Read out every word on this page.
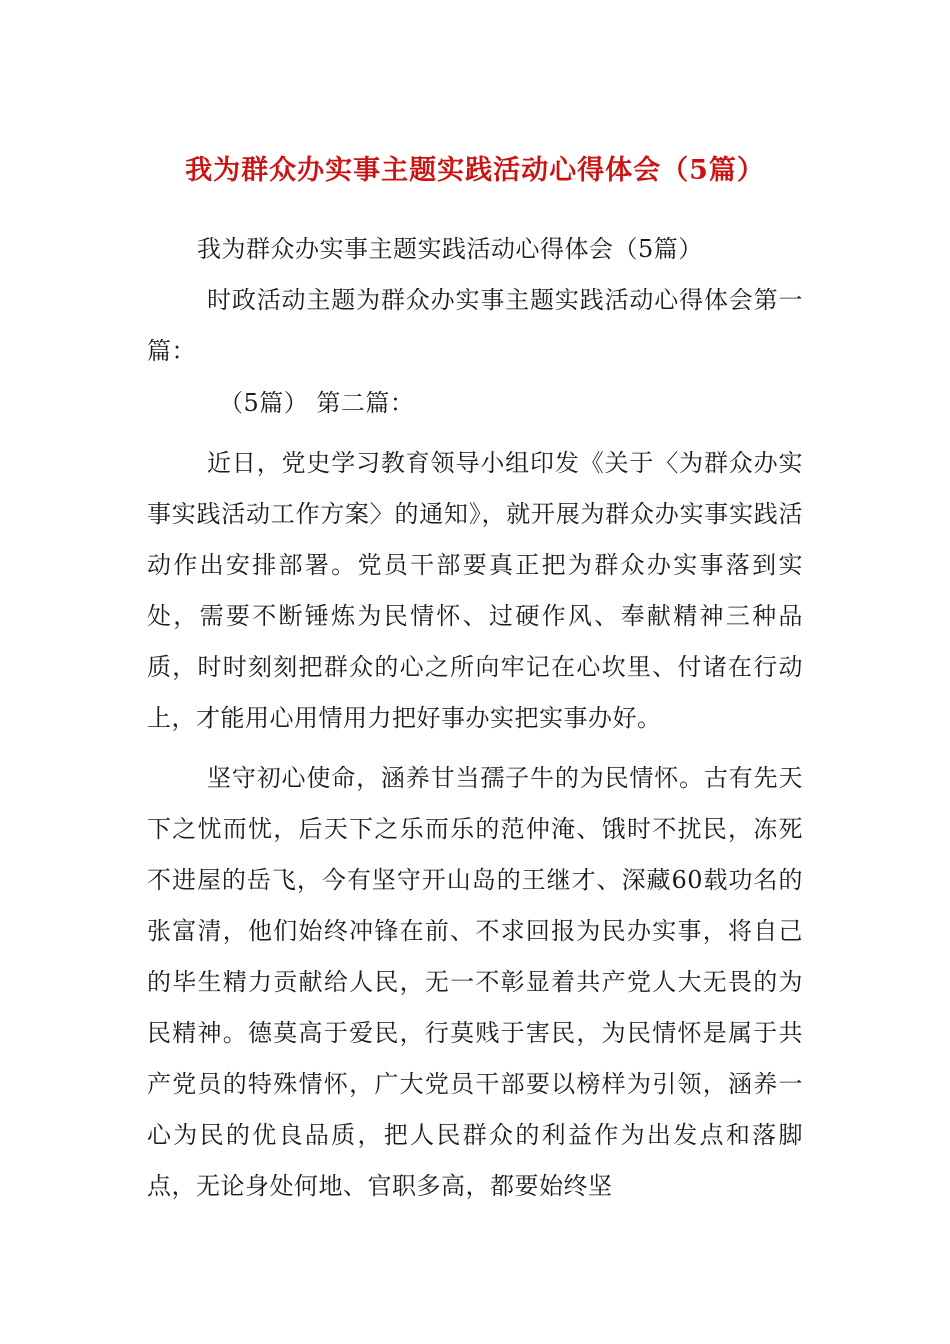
我为群众办实事主题实践活动心得体会（5篇）

我为群众办实事主题实践活动心得体会（5篇）

时政活动主题为群众办实事主题实践活动心得体会第一篇：

（5篇） 第二篇：

近日，党史学习教育领导小组印发《关于〈为群众办实事实践活动工作方案〉的通知》，就开展为群众办实事实践活动作出安排部署。党员干部要真正把为群众办实事落到实处，需要不断锤炼为民情怀、过硬作风、奉献精神三种品质，时时刻刻把群众的心之所向牢记在心坎里、付诸在行动上，才能用心用情用力把好事办实把实事办好。

坚守初心使命，涵养甘当孺子牛的为民情怀。古有先天下之忧而忧，后天下之乐而乐的范仲淹、饿时不扰民，冻死不进屋的岳飞，今有坚守开山岛的王继才、深藏60载功名的张富清，他们始终冲锋在前、不求回报为民办实事，将自己的毕生精力贡献给人民，无一不彰显着共产党人大无畏的为民精神。德莫高于爱民，行莫贱于害民，为民情怀是属于共产党员的特殊情怀，广大党员干部要以榜样为引领，涵养一心为民的优良品质，把人民群众的利益作为出发点和落脚点，无论身处何地、官职多高，都要始终坚
